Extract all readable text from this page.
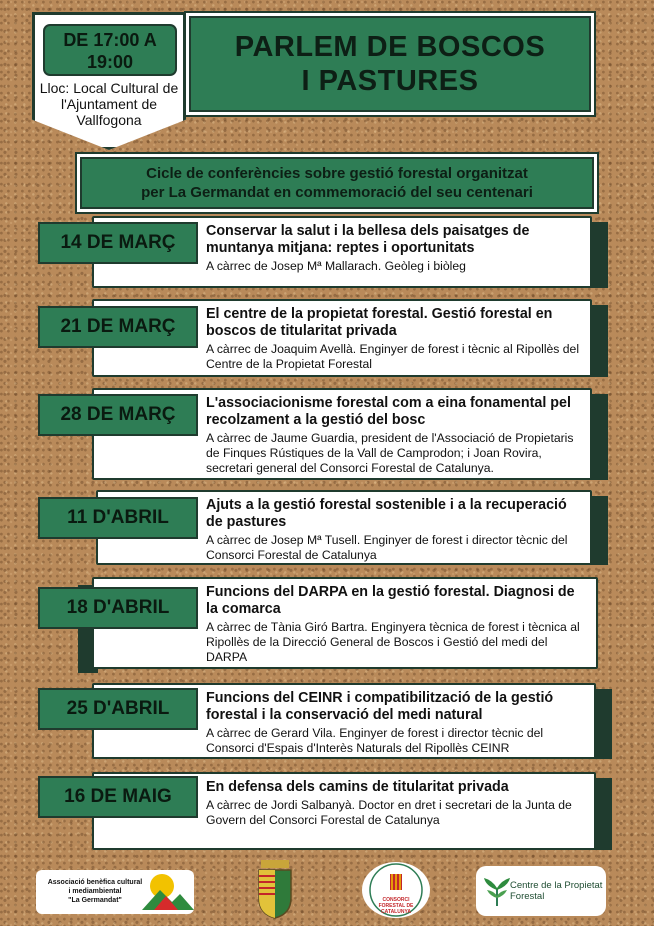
DE 17:00 A 19:00
Lloc: Local Cultural de l'Ajuntament de Vallfogona
PARLEM DE BOSCOS
I PASTURES
Cicle de conferències sobre gestió forestal organitzat
per La Germandat en commemoració del seu centenari
14 DE MARÇ
Conservar la salut i la bellesa dels paisatges de muntanya mitjana: reptes i oportunitats
A càrrec de Josep Mª Mallarach. Geòleg i biòleg
21 DE MARÇ
El centre de la propietat forestal. Gestió forestal en boscos de titularitat privada
A càrrec de Joaquim Avellà. Enginyer de forest i tècnic al Ripollès del Centre de la Propietat Forestal
28 DE MARÇ
L'associacionisme forestal com a eina fonamental pel recolzament a la gestió del bosc
A càrrec de Jaume Guardia, president de l'Associació de Propietaris de Finques Rústiques de la Vall de Camprodon; i Joan Rovira, secretari general del Consorci Forestal de Catalunya.
11 D'ABRIL
Ajuts a la gestió forestal sostenible i a la recuperació de pastures
A càrrec de Josep Mª Tusell. Enginyer de forest i director tècnic del Consorci Forestal de Catalunya
18 D'ABRIL
Funcions del DARPA en la gestió forestal. Diagnosi de la comarca
A càrrec de Tània Giró Bartra. Enginyera tècnica de forest i tècnica al Ripollès de la Direcció General de Boscos i Gestió del medi del DARPA
25 D'ABRIL	Funcions del CEINR i compatibilització de la gestió forestal i la conservació del medi natural
A càrrec de Gerard Vila. Enginyer de forest i director tècnic del Consorci d'Espais d'Interès Naturals del Ripollès CEINR
16 DE MAIG	En defensa dels camins de titularitat privada
A càrrec de Jordi Salbanyà. Doctor en dret i secretari de la Junta de Govern del Consorci Forestal de Catalunya
Associació benèfica cultural
i mediambiental
"La Germandat"	CONSORCI FORESTAL DE CATALUNYA
Centre de la Propietat
Forestal
